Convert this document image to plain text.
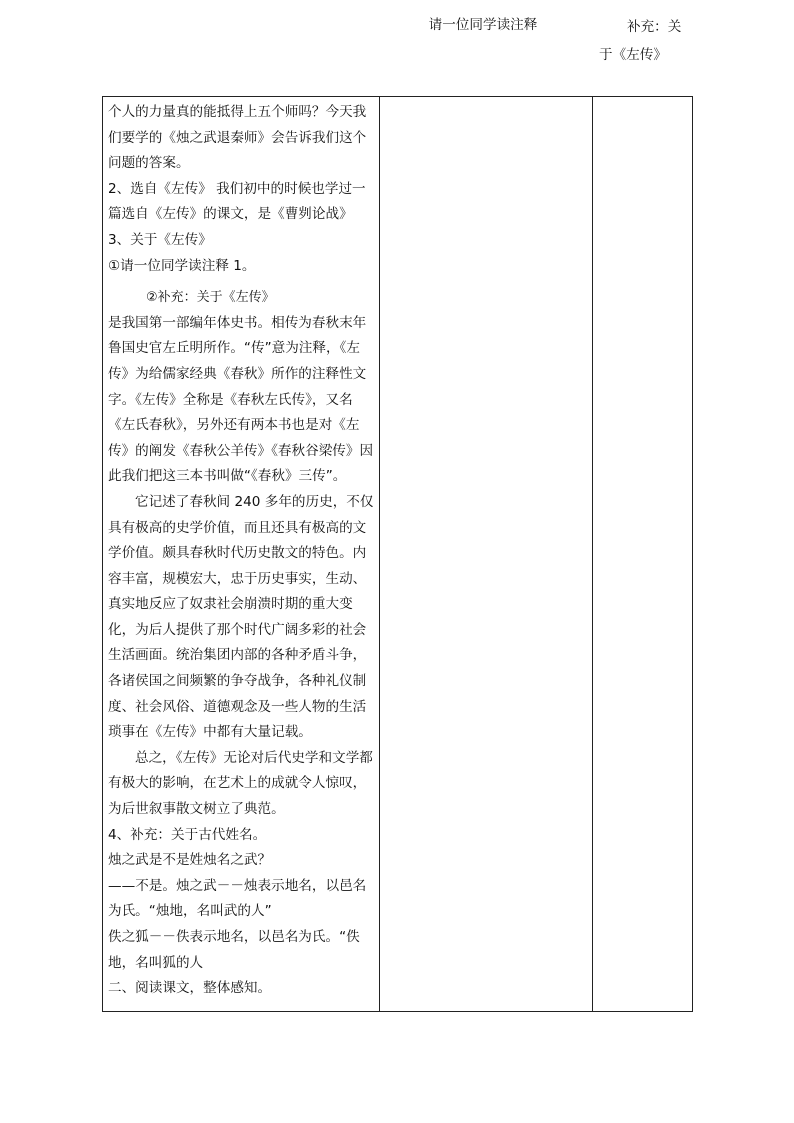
个人的力量真的能抵得上五个师吗？今天我们要学的《烛之武退秦师》会告诉我们这个问题的答案。

2、选自《左传》 我们初中的时候也学过一篇选自《左传》的课文，是《曹刿论战》

3、关于《左传》

①请一位同学读注释 1。

②补充：关于《左传》

是我国第一部编年体史书。相传为春秋末年鲁国史官左丘明所作。“传”意为注释，《左传》为给儒家经典《春秋》所作的注释性文字。《左传》全称是《春秋左氏传》，又名《左氏春秋》，另外还有两本书也是对《左传》的阐发《春秋公羊传》《春秋谷梁传》因此我们把这三本书叫做“《春秋》三传”。

它记述了春秋间 240 多年的历史，不仅具有极高的史学价值，而且还具有极高的文学价值。颇具春秋时代历史散文的特色。内容丰富，规模宏大，忠于历史事实，生动、真实地反应了奴隶社会崩溃时期的重大变化，为后人提供了那个时代广阔多彩的社会生活画面。统治集团内部的各种矛盾斗争，各诸侯国之间频繁的争夺战争，各种礼仪制度、社会风俗、道德观念及一些人物的生活琐事在《左传》中都有大量记载。

总之，《左传》无论对后代史学和文学都有极大的影响，在艺术上的成就令人惊叹，为后世叙事散文树立了典范。

4、补充：关于古代姓名。

烛之武是不是姓烛名之武？

——不是。烛之武－－烛表示地名，以邑名为氏。“烛地，名叫武的人”

佚之狐－－佚表示地名，以邑名为氏。“佚地，名叫狐的人

二、阅读课文，整体感知。

请一位同学读注释	补充：关于《左传》
